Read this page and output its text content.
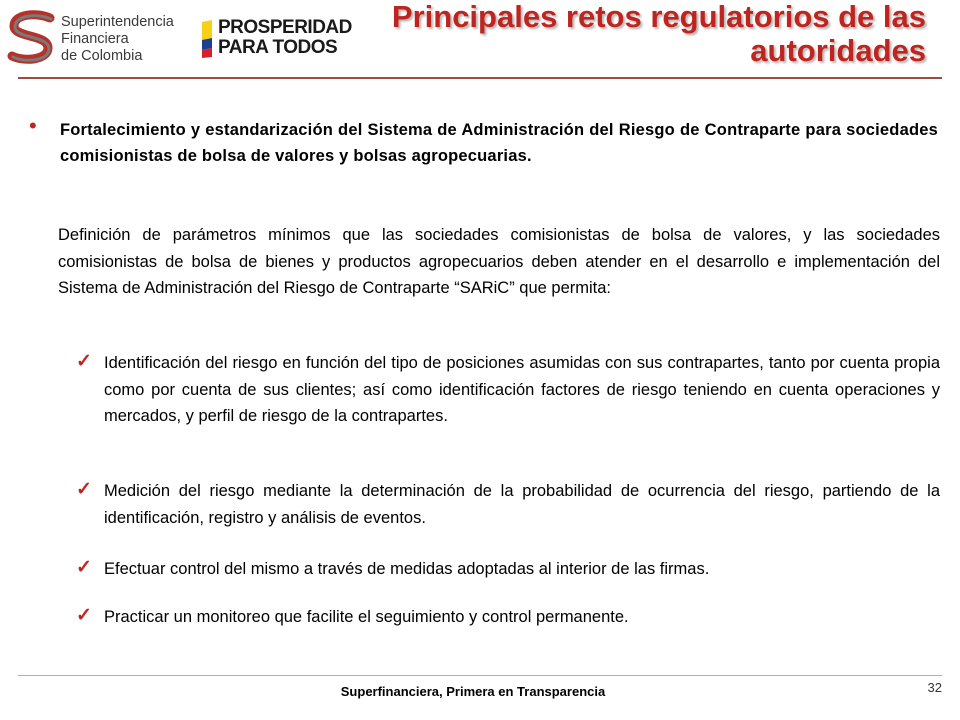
Superintendencia
Financiera
de Colombia
PROSPERIDAD
PARA TODOS
Principales retos regulatorios de las
autoridades
• Fortalecimiento y estandarización del Sistema de Administración del Riesgo de Contraparte para sociedades comisionistas de bolsa de valores y bolsas agropecuarias.
Definición de parámetros mínimos que las sociedades comisionistas de bolsa de valores, y las sociedades comisionistas de bolsa de bienes y productos agropecuarios deben atender en el desarrollo e implementación del Sistema de Administración del Riesgo de Contraparte “SARiC” que permita:
✓ Identificación del riesgo en función del tipo de posiciones asumidas con sus contrapartes, tanto por cuenta propia como por cuenta de sus clientes; así como identificación factores de riesgo teniendo en cuenta operaciones y mercados, y perfil de riesgo de la contrapartes.
✓ Medición del riesgo mediante la determinación de la probabilidad de ocurrencia del riesgo, partiendo de la identificación, registro y análisis de eventos.
✓ Efectuar control del mismo a través de medidas adoptadas al interior de las firmas.
✓ Practicar un monitoreo que facilite el seguimiento y control permanente.
Superfinanciera, Primera en Transparencia	32
